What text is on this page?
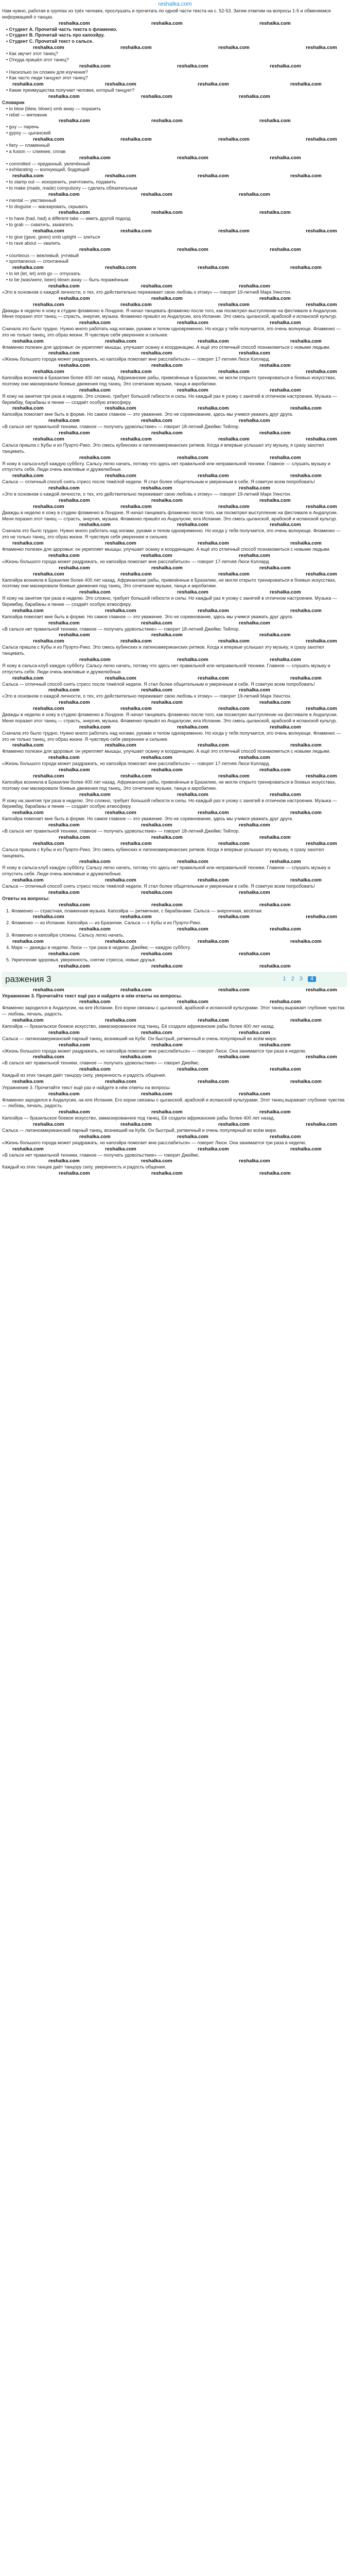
reshalka.com

Нам нужно, работая в группах из трёх человек, прослушать и прочитать по одной части текста на с. 52-53. Затем ответим на вопросы 1-5 и обменяемся информацией о танцах.

reshalka.com	reshalka.com	reshalka.com

• Студент А. Прочитай часть текста о фламенко.

• Студент В. Прочитай часть про капоэйру.

• Студент С. Прочитай текст о сальсе.

reshalka.com	reshalka.com	reshalka.com	reshalka.com

• Как звучит этот танец?

• Откуда пришёл этот танец?

reshalka.com	reshalka.com	reshalka.com

• Насколько он сложен для изучения?

• Как часто люди танцуют этот танец?

reshalka.com	reshalka.com	reshalka.com	reshalka.com

• Какие преимущества получает человек, который танцует?

reshalka.com	reshalka.com	reshalka.com

Словарик

• to blow (blew, blown) smb away — поразить

• rebel — мятежник

reshalka.com	reshalka.com	reshalka.com

• guy — парень

• gypsy — цыганский

reshalka.com	reshalka.com	reshalka.com	reshalka.com

• fiery — пламенный

• a fusion — слияние, сплав

reshalka.com	reshalka.com	reshalka.com

• committed — преданный, увлечённый

• exhilarating — волнующий, бодрящий

reshalka.com	reshalka.com	reshalka.com	reshalka.com

• to stamp out — искоренить, уничтожить, подавить

• to make (made, made) compulsory — сделать обязательным

reshalka.com	reshalka.com	reshalka.com

• mental — умственный

• to disguise — маскировать, скрывать

reshalka.com	reshalka.com	reshalka.com

• to have (had, had) a different take — иметь другой подход

• to grab — схватить, захватить

reshalka.com	reshalka.com	reshalka.com	reshalka.com

• to give (gave, given) smb uptight — злиться

• to rave about — хвалить

reshalka.com	reshalka.com	reshalka.com

• courteous — вежливый, учтивый

• spontaneous — спонтанный

reshalka.com	reshalka.com	reshalka.com	reshalka.com

• to let (let, let) smb go — отпускать

• to be (was/were, been) blown away — быть поражённым

reshalka.com	reshalka.com	reshalka.com

«Это в основном о каждой личности, о тех, кто действительно переживает свою любовь к этому» — говорит 19-летний Марк Уинстон.

reshalka.com	reshalka.com	reshalka.com
reshalka.com	reshalka.com	reshalka.com	reshalka.com

Дважды в неделю я хожу в студию фламенко в Лондоне. Я начал танцевать фламенко после того, как посмотрел выступление на фестивале в Андалусии. Меня поразил этот танец — страсть, энергия, музыка. Фламенко пришёл из Андалусии, юга Испании. Это смесь цыганской, арабской и испанской культур.

reshalka.com	reshalka.com	reshalka.com

Сначала это было трудно. Нужно много работать над ногами, руками и телом одновременно. Но когда у тебя получается, это очень волнующе. Фламенко — это не только танец, это образ жизни. Я чувствую себя увереннее и сильнее.

reshalka.com	reshalka.com	reshalka.com	reshalka.com

Фламенко полезен для здоровья: он укрепляет мышцы, улучшает осанку и координацию. А ещё это отличный способ познакомиться с новыми людьми.

reshalka.com	reshalka.com	reshalka.com

«Жизнь большого города может раздражать, но капоэйра помогает мне расслабиться» — говорит 17-летняя Люси Кэллард.

reshalka.com	reshalka.com	reshalka.com
reshalka.com	reshalka.com	reshalka.com	reshalka.com

Капоэйра возникла в Бразилии более 400 лет назад. Африканские рабы, привезённые в Бразилию, не могли открыто тренироваться в боевых искусствах, поэтому они маскировали боевые движения под танец. Это сочетание музыки, танца и акробатики.

reshalka.com	reshalka.com	reshalka.com

Я хожу на занятия три раза в неделю. Это сложно, требует большой гибкости и силы. Но каждый раз я ухожу с занятий в отличном настроении. Музыка — беримбау, барабаны и пение — создаёт особую атмосферу.

reshalka.com	reshalka.com	reshalka.com	reshalka.com

Капоэйра помогает мне быть в форме. Но самое главное — это уважение. Это не соревнование, здесь мы учимся уважать друг друга.

reshalka.com	reshalka.com	reshalka.com

«В сальсе нет правильной техники, главное — получать удовольствие» — говорит 18-летний Джеймс Тейлор.

reshalka.com	reshalka.com	reshalka.com
reshalka.com	reshalka.com	reshalka.com	reshalka.com

Сальса пришла с Кубы и из Пуэрто-Рико. Это смесь кубинских и латиноамериканских ритмов. Когда я впервые услышал эту музыку, я сразу захотел танцевать.

reshalka.com	reshalka.com	reshalka.com

Я хожу в сальса-клуб каждую субботу. Сальсу легко начать, потому что здесь нет правильной или неправильной техники. Главное — слушать музыку и отпустить себя. Люди очень вежливые и дружелюбные.

reshalka.com	reshalka.com	reshalka.com	reshalka.com

Сальса — отличный способ снять стресс после тяжёлой недели. Я стал более общительным и уверенным в себе. Я советую всем попробовать!

reshalka.com	reshalka.com	reshalka.com

«Это в основном о каждой личности, о тех, кто действительно переживает свою любовь к этому» — говорит 19-летний Марк Уинстон.

reshalka.com	reshalka.com	reshalka.com
reshalka.com	reshalka.com	reshalka.com	reshalka.com

Дважды в неделю я хожу в студию фламенко в Лондоне. Я начал танцевать фламенко после того, как посмотрел выступление на фестивале в Андалусии. Меня поразил этот танец — страсть, энергия, музыка. Фламенко пришёл из Андалусии, юга Испании. Это смесь цыганской, арабской и испанской культур.

reshalka.com	reshalka.com	reshalka.com

Сначала это было трудно. Нужно много работать над ногами, руками и телом одновременно. Но когда у тебя получается, это очень волнующе. Фламенко — это не только танец, это образ жизни. Я чувствую себя увереннее и сильнее.

reshalka.com	reshalka.com	reshalka.com	reshalka.com

Фламенко полезен для здоровья: он укрепляет мышцы, улучшает осанку и координацию. А ещё это отличный способ познакомиться с новыми людьми.

reshalka.com	reshalka.com	reshalka.com

«Жизнь большого города может раздражать, но капоэйра помогает мне расслабиться» — говорит 17-летняя Люси Кэллард.

reshalka.com	reshalka.com	reshalka.com
reshalka.com	reshalka.com	reshalka.com	reshalka.com

Капоэйра возникла в Бразилии более 400 лет назад. Африканские рабы, привезённые в Бразилию, не могли открыто тренироваться в боевых искусствах, поэтому они маскировали боевые движения под танец. Это сочетание музыки, танца и акробатики.

reshalka.com	reshalka.com	reshalka.com

Я хожу на занятия три раза в неделю. Это сложно, требует большой гибкости и силы. Но каждый раз я ухожу с занятий в отличном настроении. Музыка — беримбау, барабаны и пение — создаёт особую атмосферу.

reshalka.com	reshalka.com	reshalka.com	reshalka.com

Капоэйра помогает мне быть в форме. Но самое главное — это уважение. Это не соревнование, здесь мы учимся уважать друг друга.

reshalka.com	reshalka.com	reshalka.com

«В сальсе нет правильной техники, главное — получать удовольствие» — говорит 18-летний Джеймс Тейлор.

reshalka.com	reshalka.com	reshalka.com
reshalka.com	reshalka.com	reshalka.com	reshalka.com

Сальса пришла с Кубы и из Пуэрто-Рико. Это смесь кубинских и латиноамериканских ритмов. Когда я впервые услышал эту музыку, я сразу захотел танцевать.

reshalka.com	reshalka.com	reshalka.com

Я хожу в сальса-клуб каждую субботу. Сальсу легко начать, потому что здесь нет правильной или неправильной техники. Главное — слушать музыку и отпустить себя. Люди очень вежливые и дружелюбные.

reshalka.com	reshalka.com	reshalka.com	reshalka.com

Сальса — отличный способ снять стресс после тяжёлой недели. Я стал более общительным и уверенным в себе. Я советую всем попробовать!

reshalka.com	reshalka.com	reshalka.com

«Это в основном о каждой личности, о тех, кто действительно переживает свою любовь к этому» — говорит 19-летний Марк Уинстон.

reshalka.com	reshalka.com	reshalka.com
reshalka.com	reshalka.com	reshalka.com	reshalka.com

Дважды в неделю я хожу в студию фламенко в Лондоне. Я начал танцевать фламенко после того, как посмотрел выступление на фестивале в Андалусии. Меня поразил этот танец — страсть, энергия, музыка. Фламенко пришёл из Андалусии, юга Испании. Это смесь цыганской, арабской и испанской культур.

reshalka.com	reshalka.com	reshalka.com

Сначала это было трудно. Нужно много работать над ногами, руками и телом одновременно. Но когда у тебя получается, это очень волнующе. Фламенко — это не только танец, это образ жизни. Я чувствую себя увереннее и сильнее.

reshalka.com	reshalka.com	reshalka.com	reshalka.com

Фламенко полезен для здоровья: он укрепляет мышцы, улучшает осанку и координацию. А ещё это отличный способ познакомиться с новыми людьми.

reshalka.com	reshalka.com	reshalka.com

«Жизнь большого города может раздражать, но капоэйра помогает мне расслабиться» — говорит 17-летняя Люси Кэллард.

reshalka.com	reshalka.com	reshalka.com
reshalka.com	reshalka.com	reshalka.com	reshalka.com

Капоэйра возникла в Бразилии более 400 лет назад. Африканские рабы, привезённые в Бразилию, не могли открыто тренироваться в боевых искусствах, поэтому они маскировали боевые движения под танец. Это сочетание музыки, танца и акробатики.

reshalka.com	reshalka.com	reshalka.com

Я хожу на занятия три раза в неделю. Это сложно, требует большой гибкости и силы. Но каждый раз я ухожу с занятий в отличном настроении. Музыка — беримбау, барабаны и пение — создаёт особую атмосферу.

reshalka.com	reshalka.com	reshalka.com	reshalka.com

Капоэйра помогает мне быть в форме. Но самое главное — это уважение. Это не соревнование, здесь мы учимся уважать друг друга.

reshalka.com	reshalka.com	reshalka.com

«В сальсе нет правильной техники, главное — получать удовольствие» — говорит 18-летний Джеймс Тейлор.

reshalka.com	reshalka.com	reshalka.com
reshalka.com	reshalka.com	reshalka.com	reshalka.com

Сальса пришла с Кубы и из Пуэрто-Рико. Это смесь кубинских и латиноамериканских ритмов. Когда я впервые услышал эту музыку, я сразу захотел танцевать.

reshalka.com	reshalka.com	reshalka.com

Я хожу в сальса-клуб каждую субботу. Сальсу легко начать, потому что здесь нет правильной или неправильной техники. Главное — слушать музыку и отпустить себя. Люди очень вежливые и дружелюбные.

reshalka.com	reshalka.com	reshalka.com	reshalka.com

Сальса — отличный способ снять стресс после тяжёлой недели. Я стал более общительным и уверенным в себе. Я советую всем попробовать!

reshalka.com	reshalka.com	reshalka.com

Ответы на вопросы:

reshalka.com	reshalka.com	reshalka.com

1. Фламенко — страстная, пламенная музыка. Капоэйра — ритмичная, с барабанами. Сальса — энергичная, весёлая.

reshalka.com	reshalka.com	reshalka.com	reshalka.com

2. Фламенко — из Испании. Капоэйра — из Бразилии. Сальса — с Кубы и из Пуэрто-Рико.

reshalka.com	reshalka.com	reshalka.com

3. Фламенко и капоэйра сложны. Сальсу легко начать.

reshalka.com	reshalka.com	reshalka.com	reshalka.com

4. Марк — дважды в неделю. Люси — три раза в неделю. Джеймс — каждую субботу.

reshalka.com	reshalka.com	reshalka.com

5. Укрепление здоровья, уверенность, снятие стресса, новые друзья.

reshalka.com	reshalka.com	reshalka.com
разжения 3	1 2 3	4
reshalka.com	reshalka.com	reshalka.com	reshalka.com

Упражнение 3. Прочитайте текст ещё раз и найдите в нём ответы на вопросы.

reshalka.com	reshalka.com	reshalka.com

Фламенко зародился в Андалусии, на юге Испании. Его корни связаны с цыганской, арабской и испанской культурами. Этот танец выражает глубокие чувства — любовь, печаль, радость.

reshalka.com	reshalka.com	reshalka.com	reshalka.com

Капоэйра — бразильское боевое искусство, замаскированное под танец. Её создали африканские рабы более 400 лет назад.

reshalka.com	reshalka.com	reshalka.com

Сальса — латиноамериканский парный танец, возникший на Кубе. Он быстрый, ритмичный и очень популярный во всём мире.

reshalka.com	reshalka.com	reshalka.com

«Жизнь большого города может раздражать, но капоэйра помогает мне расслабиться» — говорит Люси. Она занимается три раза в неделю.

reshalka.com	reshalka.com	reshalka.com	reshalka.com

«В сальсе нет правильной техники, главное — получать удовольствие» — говорит Джеймс.

reshalka.com	reshalka.com	reshalka.com

Каждый из этих танцев даёт танцору силу, уверенность и радость общения.

reshalka.com	reshalka.com	reshalka.com	reshalka.com

Упражнение 3. Прочитайте текст ещё раз и найдите в нём ответы на вопросы.

reshalka.com	reshalka.com	reshalka.com

Фламенко зародился в Андалусии, на юге Испании. Его корни связаны с цыганской, арабской и испанской культурами. Этот танец выражает глубокие чувства — любовь, печаль, радость.

reshalka.com	reshalka.com	reshalka.com

Капоэйра — бразильское боевое искусство, замаскированное под танец. Её создали африканские рабы более 400 лет назад.

reshalka.com	reshalka.com	reshalka.com	reshalka.com

Сальса — латиноамериканский парный танец, возникший на Кубе. Он быстрый, ритмичный и очень популярный во всём мире.

reshalka.com	reshalka.com	reshalka.com

«Жизнь большого города может раздражать, но капоэйра помогает мне расслабиться» — говорит Люси. Она занимается три раза в неделю.

reshalka.com	reshalka.com	reshalka.com	reshalka.com

«В сальсе нет правильной техники, главное — получать удовольствие» — говорит Джеймс.

reshalka.com	reshalka.com	reshalka.com

Каждый из этих танцев даёт танцору силу, уверенность и радость общения.

reshalka.com	reshalka.com	reshalka.com
